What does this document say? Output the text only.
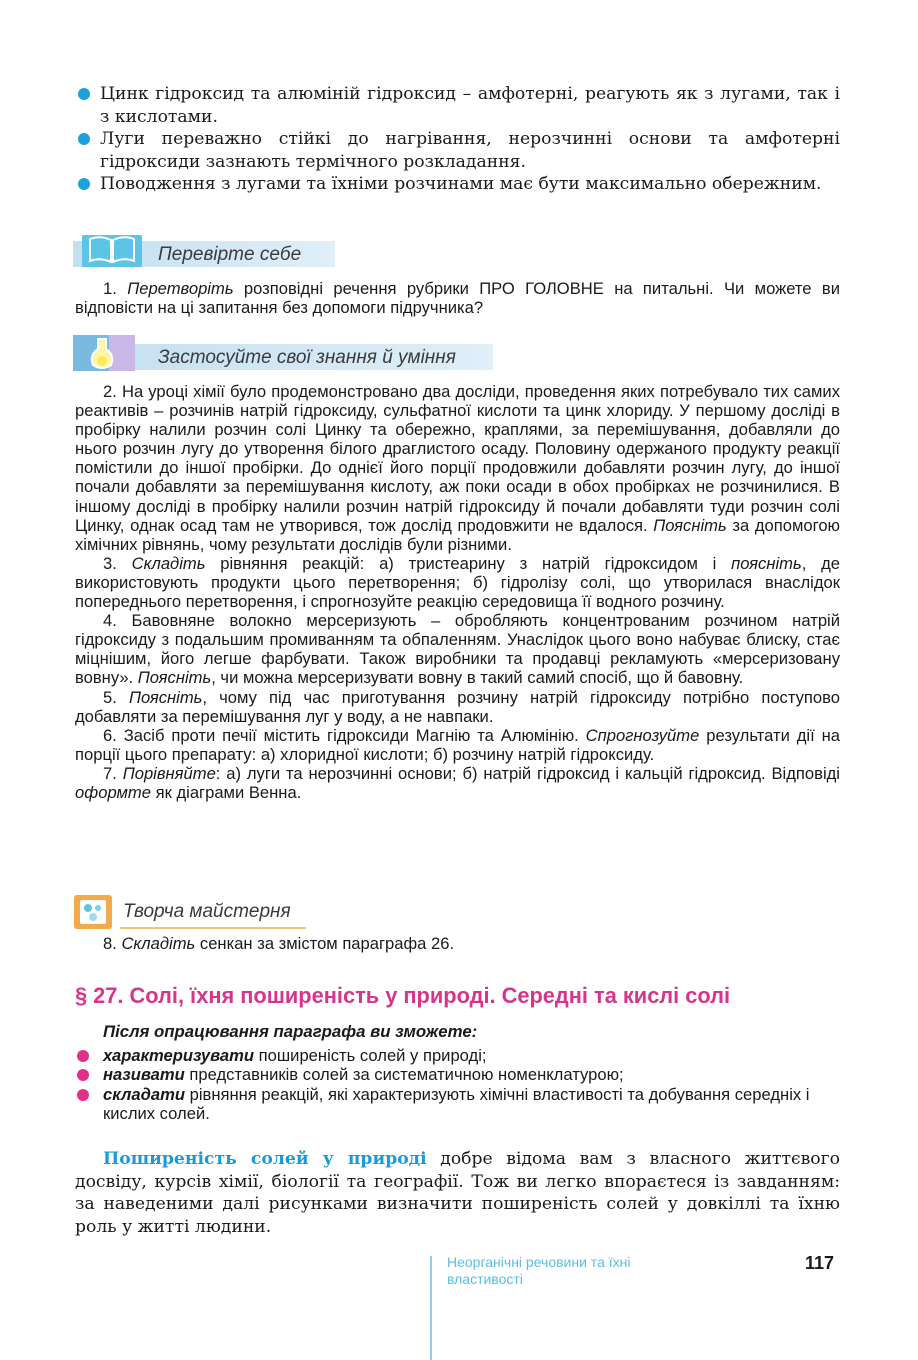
Цинк гідроксид та алюміній гідроксид – амфотерні, реагують як з лугами, так і з кислотами.
Луги переважно стійкі до нагрівання, нерозчинні основи та амфотерні гідроксиди зазнають термічного розкладання.
Поводження з лугами та їхніми розчинами має бути максимально обережним.
Перевірте себе

1. Перетворіть розповідні речення рубрики ПРО ГОЛОВНЕ на питальні. Чи можете ви відповісти на ці запитання без допомоги підручника?

Застосуйте свої знання й уміння

2. На уроці хімії було продемонстровано два досліди, проведення яких потребувало тих самих реактивів – розчинів натрій гідроксиду, сульфатної кислоти та цинк хлориду. У першому досліді в пробірку налили розчин солі Цинку та обережно, краплями, за перемішування, добавляли до нього розчин лугу до утворення білого драглистого осаду. Половину одержаного продукту реакції помістили до іншої пробірки. До однієї його порції продовжили добавляти розчин лугу, до іншої почали добавляти за перемішування кислоту, аж поки осади в обох пробірках не розчинилися. В іншому досліді в пробірку налили розчин натрій гідроксиду й почали добавляти туди розчин солі Цинку, однак осад там не утворився, тож дослід продовжити не вдалося. Поясніть за допомогою хімічних рівнянь, чому результати дослідів були різними.

3. Складіть рівняння реакцій: а) тристеарину з натрій гідроксидом і поясніть, де використовують продукти цього перетворення; б) гідролізу солі, що утворилася внаслідок попереднього перетворення, і спрогнозуйте реакцію середовища її водного розчину.

4. Бавовняне волокно мерсеризують – обробляють концентрованим розчином натрій гідроксиду з подальшим промиванням та обпаленням. Унаслідок цього воно набуває блиску, стає міцнішим, його легше фарбувати. Також виробники та продавці рекламують «мерсеризовану вовну». Поясніть, чи можна мерсеризувати вовну в такий самий спосіб, що й бавовну.

5. Поясніть, чому під час приготування розчину натрій гідроксиду потрібно поступово добавляти за перемішування луг у воду, а не навпаки.

6. Засіб проти печії містить гідроксиди Магнію та Алюмінію. Спрогнозуйте результати дії на порції цього препарату: а) хлоридної кислоти; б) розчину натрій гідроксиду.

7. Порівняйте: а) луги та нерозчинні основи; б) натрій гідроксид і кальцій гідроксид. Відповіді оформте як діаграми Венна.

Творча майстерня

8. Складіть сенкан за змістом параграфа 26.

§ 27. Солі, їхня поширеність у природі. Середні та кислі солі
Після опрацювання параграфа ви зможете:
характеризувати поширеність солей у природі;
називати представників солей за систематичною номенклатурою;
складати рівняння реакцій, які характеризують хімічні властивості та добування середніх і кислих солей.
Поширеність солей у природі добре відома вам з власного життєвого досвіду, курсів хімії, біології та географії. Тож ви легко впораєтеся із завданням: за наведеними далі рисунками визначити поширеність солей у довкіллі та їхню роль у житті людини.
Неорганічні речовини та їхні властивості
117
